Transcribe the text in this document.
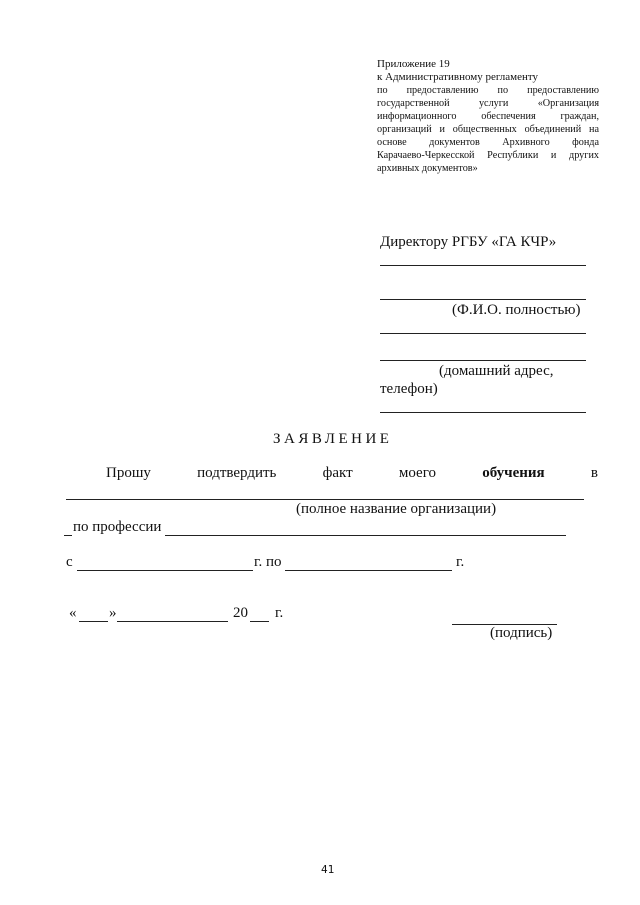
Приложение 19
к Административному регламенту
по предоставлению по предоставлению
государственной услуги «Организация
информационного обеспечения граждан,
организаций и общественных объединений на
основе документов Архивного фонда
Карачаево-Черкесской Республики и других
архивных документов»
Директору РГБУ «ГА КЧР»
(Ф.И.О. полностью)
(домашний адрес,
телефон)
ЗАЯВЛЕНИЕ
Прошу	подтвердить	факт	моего	обучения	в
(полное название организации)
по профессии
с	г. по	г.
« »	20 г.
(подпись)
41
